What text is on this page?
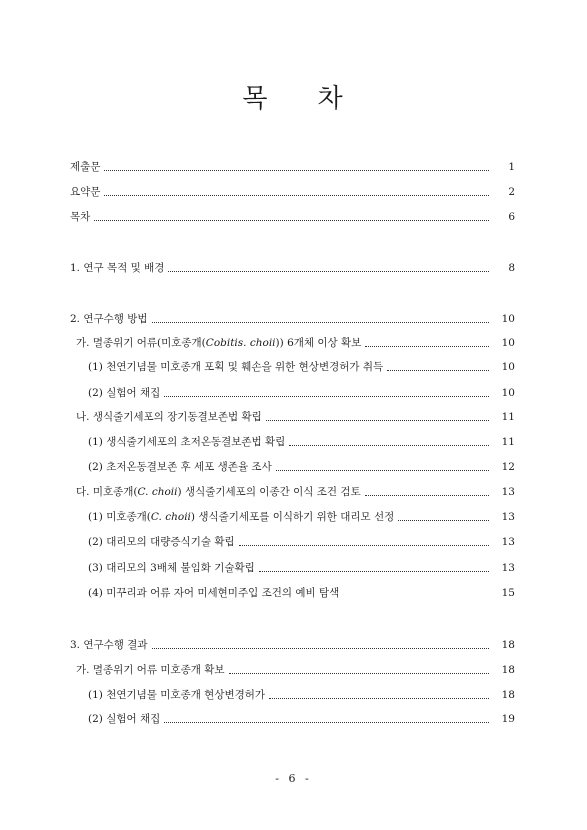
목 차
제출문	1
요약문	2
목차	6
1. 연구 목적 및 배경	8
2. 연구수행 방법	10
가. 멸종위기 어류(미호종개(Cobitis. choii)) 6개체 이상 확보	10
(1) 천연기념물 미호종개 포획 및 훼손을 위한 현상변경허가 취득	10
(2) 실험어 채집	10
나. 생식줄기세포의 장기동결보존법 확립	11
(1) 생식줄기세포의 초저온동결보존법 확립	11
(2) 초저온동결보존 후 세포 생존율 조사	12
다. 미호종개(C. choii) 생식줄기세포의 이종간 이식 조건 검토	13
(1) 미호종개(C. choii) 생식줄기세포를 이식하기 위한 대리모 선정	13
(2) 대리모의 대량증식기술 확립	13
(3) 대리모의 3배체 불임화 기술확립	13
(4) 미꾸리과 어류 자어 미세현미주입 조건의 예비 탐색	15
3. 연구수행 결과	18
가. 멸종위기 어류 미호종개 확보	18
(1) 천연기념물 미호종개 현상변경허가	18
(2) 실험어 채집	19
- 6 -
